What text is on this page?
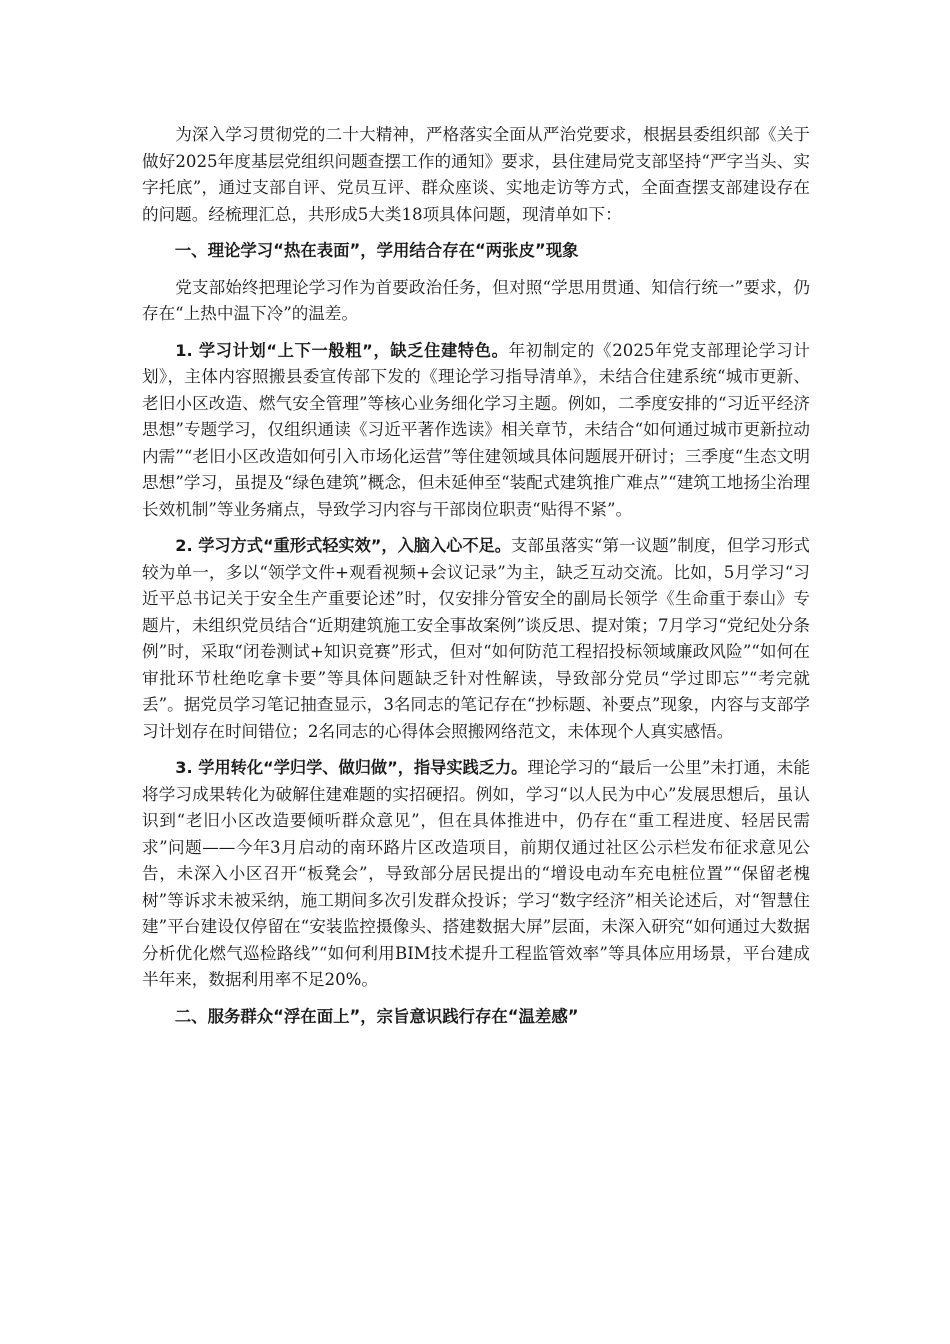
为深入学习贯彻党的二十大精神，严格落实全面从严治党要求，根据县委组织部《关于做好2025年度基层党组织问题查摆工作的通知》要求，县住建局党支部坚持“严字当头、实字托底”，通过支部自评、党员互评、群众座谈、实地走访等方式，全面查摆支部建设存在的问题。经梳理汇总，共形成5大类18项具体问题，现清单如下：

一、理论学习“热在表面”，学用结合存在“两张皮”现象

党支部始终把理论学习作为首要政治任务，但对照“学思用贯通、知信行统一”要求，仍存在“上热中温下冷”的温差。

1. 学习计划“上下一般粗”，缺乏住建特色。年初制定的《2025年党支部理论学习计划》，主体内容照搬县委宣传部下发的《理论学习指导清单》，未结合住建系统“城市更新、老旧小区改造、燃气安全管理”等核心业务细化学习主题。例如，二季度安排的“习近平经济思想”专题学习，仅组织通读《习近平著作选读》相关章节，未结合“如何通过城市更新拉动内需”“老旧小区改造如何引入市场化运营”等住建领域具体问题展开研讨；三季度“生态文明思想”学习，虽提及“绿色建筑”概念，但未延伸至“装配式建筑推广难点”“建筑工地扬尘治理长效机制”等业务痛点，导致学习内容与干部岗位职责“贴得不紧”。

2. 学习方式“重形式轻实效”，入脑入心不足。支部虽落实“第一议题”制度，但学习形式较为单一，多以“领学文件+观看视频+会议记录”为主，缺乏互动交流。比如，5月学习“习近平总书记关于安全生产重要论述”时，仅安排分管安全的副局长领学《生命重于泰山》专题片，未组织党员结合“近期建筑施工安全事故案例”谈反思、提对策；7月学习“党纪处分条例”时，采取“闭卷测试+知识竞赛”形式，但对“如何防范工程招投标领域廉政风险”“如何在审批环节杜绝吃拿卡要”等具体问题缺乏针对性解读，导致部分党员“学过即忘”“考完就丢”。据党员学习笔记抽查显示，3名同志的笔记存在“抄标题、补要点”现象，内容与支部学习计划存在时间错位；2名同志的心得体会照搬网络范文，未体现个人真实感悟。

3. 学用转化“学归学、做归做”，指导实践乏力。理论学习的“最后一公里”未打通，未能将学习成果转化为破解住建难题的实招硬招。例如，学习“以人民为中心”发展思想后，虽认识到“老旧小区改造要倾听群众意见”，但在具体推进中，仍存在“重工程进度、轻居民需求”问题——今年3月启动的南环路片区改造项目，前期仅通过社区公示栏发布征求意见公告，未深入小区召开“板凳会”，导致部分居民提出的“增设电动车充电桩位置”“保留老槐树”等诉求未被采纳，施工期间多次引发群众投诉；学习“数字经济”相关论述后，对“智慧住建”平台建设仅停留在“安装监控摄像头、搭建数据大屏”层面，未深入研究“如何通过大数据分析优化燃气巡检路线”“如何利用BIM技术提升工程监管效率”等具体应用场景，平台建成半年来，数据利用率不足20%。

二、服务群众“浮在面上”，宗旨意识践行存在“温差感”
